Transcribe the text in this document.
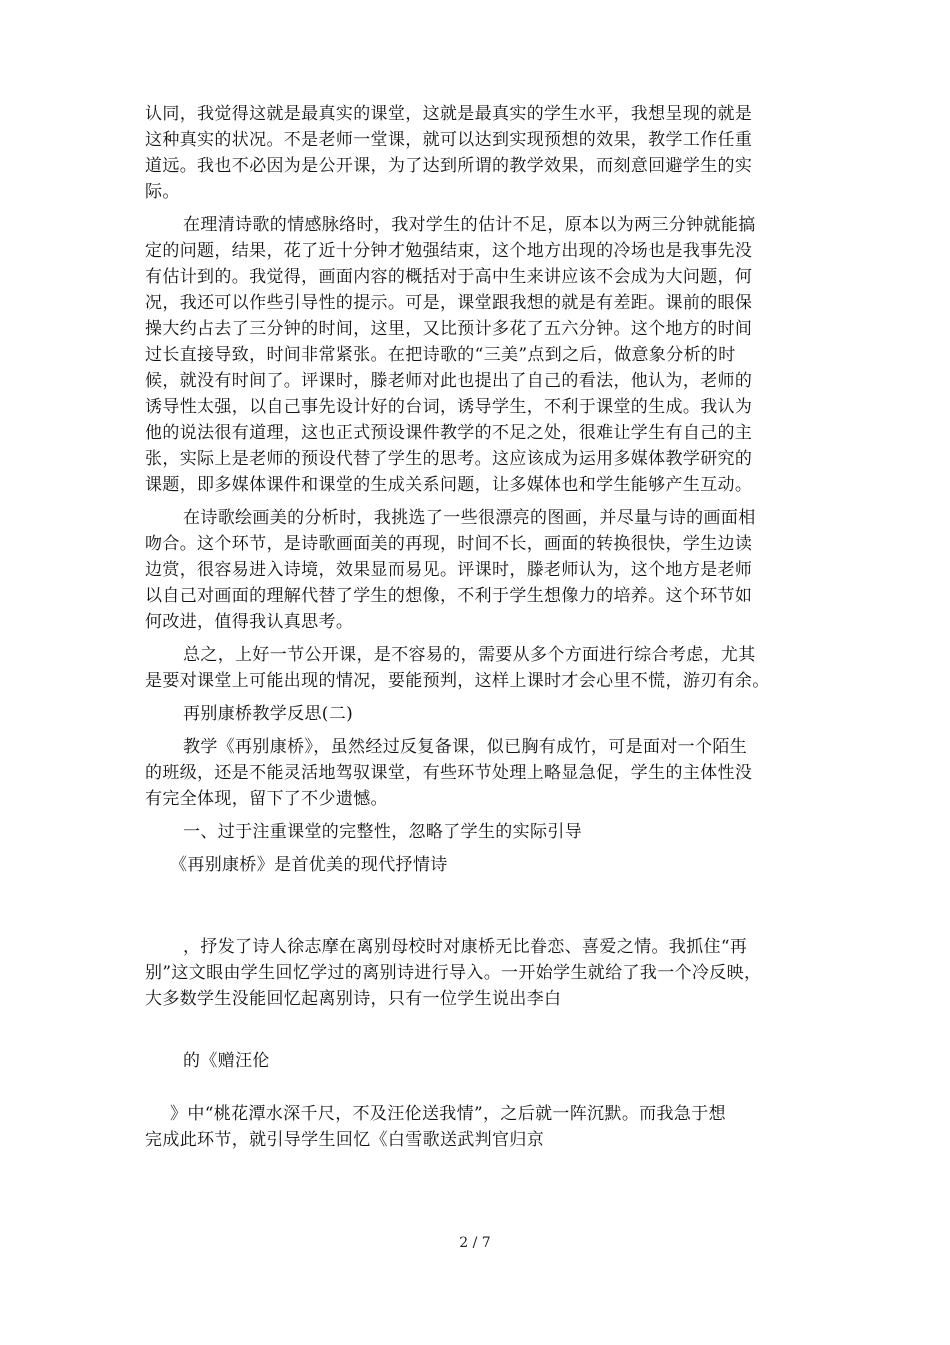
认同，我觉得这就是最真实的课堂，这就是最真实的学生水平，我想呈现的就是
这种真实的状况。不是老师一堂课，就可以达到实现预想的效果，教学工作任重
道远。我也不必因为是公开课，为了达到所谓的教学效果，而刻意回避学生的实
际。
在理清诗歌的情感脉络时，我对学生的估计不足，原本以为两三分钟就能搞
定的问题，结果，花了近十分钟才勉强结束，这个地方出现的冷场也是我事先没
有估计到的。我觉得，画面内容的概括对于高中生来讲应该不会成为大问题，何
况，我还可以作些引导性的提示。可是，课堂跟我想的就是有差距。课前的眼保
操大约占去了三分钟的时间，这里，又比预计多花了五六分钟。这个地方的时间
过长直接导致，时间非常紧张。在把诗歌的“三美”点到之后，做意象分析的时
候，就没有时间了。评课时，滕老师对此也提出了自己的看法，他认为，老师的
诱导性太强，以自己事先设计好的台词，诱导学生，不利于课堂的生成。我认为
他的说法很有道理，这也正式预设课件教学的不足之处，很难让学生有自己的主
张，实际上是老师的预设代替了学生的思考。这应该成为运用多媒体教学研究的
课题，即多媒体课件和课堂的生成关系问题，让多媒体也和学生能够产生互动。
在诗歌绘画美的分析时，我挑选了一些很漂亮的图画，并尽量与诗的画面相
吻合。这个环节，是诗歌画面美的再现，时间不长，画面的转换很快，学生边读
边赏，很容易进入诗境，效果显而易见。评课时，滕老师认为，这个地方是老师
以自己对画面的理解代替了学生的想像，不利于学生想像力的培养。这个环节如
何改进，值得我认真思考。
总之，上好一节公开课，是不容易的，需要从多个方面进行综合考虑，尤其
是要对课堂上可能出现的情况，要能预判，这样上课时才会心里不慌，游刃有余。
再别康桥教学反思(二)
教学《再别康桥》，虽然经过反复备课，似已胸有成竹，可是面对一个陌生
的班级，还是不能灵活地驾驭课堂，有些环节处理上略显急促，学生的主体性没
有完全体现，留下了不少遗憾。
一、过于注重课堂的完整性，忽略了学生的实际引导
《再别康桥》是首优美的现代抒情诗
，抒发了诗人徐志摩在离别母校时对康桥无比眷恋、喜爱之情。我抓住“再
别”这文眼由学生回忆学过的离别诗进行导入。一开始学生就给了我一个冷反映，
大多数学生没能回忆起离别诗，只有一位学生说出李白
的《赠汪伦
》中“桃花潭水深千尺，不及汪伦送我情”，之后就一阵沉默。而我急于想
完成此环节，就引导学生回忆《白雪歌送武判官归京
2 / 7
